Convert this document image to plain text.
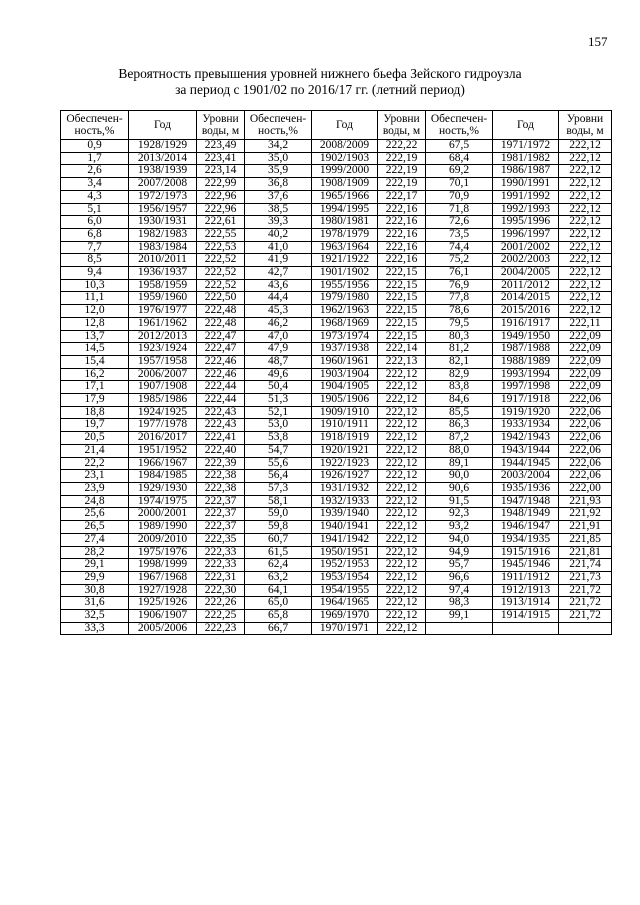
157
Вероятность превышения уровней нижнего бьефа Зейского гидроузла
за период с 1901/02 по 2016/17 гг. (летний период)
Обеспечен-ность,%	Год	Уровни воды, м	Обеспечен-ность,%	Год	Уровни воды, м	Обеспечен-ность,%	Год	Уровни воды, м
0,9	1928/1929	223,49	34,2	2008/2009	222,22	67,5	1971/1972	222,12
1,7	2013/2014	223,41	35,0	1902/1903	222,19	68,4	1981/1982	222,12
2,6	1938/1939	223,14	35,9	1999/2000	222,19	69,2	1986/1987	222,12
3,4	2007/2008	222,99	36,8	1908/1909	222,19	70,1	1990/1991	222,12
4,3	1972/1973	222,96	37,6	1965/1966	222,17	70,9	1991/1992	222,12
5,1	1956/1957	222,96	38,5	1994/1995	222,16	71,8	1992/1993	222,12
6,0	1930/1931	222,61	39,3	1980/1981	222,16	72,6	1995/1996	222,12
6,8	1982/1983	222,55	40,2	1978/1979	222,16	73,5	1996/1997	222,12
7,7	1983/1984	222,53	41,0	1963/1964	222,16	74,4	2001/2002	222,12
8,5	2010/2011	222,52	41,9	1921/1922	222,16	75,2	2002/2003	222,12
9,4	1936/1937	222,52	42,7	1901/1902	222,15	76,1	2004/2005	222,12
10,3	1958/1959	222,52	43,6	1955/1956	222,15	76,9	2011/2012	222,12
11,1	1959/1960	222,50	44,4	1979/1980	222,15	77,8	2014/2015	222,12
12,0	1976/1977	222,48	45,3	1962/1963	222,15	78,6	2015/2016	222,12
12,8	1961/1962	222,48	46,2	1968/1969	222,15	79,5	1916/1917	222,11
13,7	2012/2013	222,47	47,0	1973/1974	222,15	80,3	1949/1950	222,09
14,5	1923/1924	222,47	47,9	1937/1938	222,14	81,2	1987/1988	222,09
15,4	1957/1958	222,46	48,7	1960/1961	222,13	82,1	1988/1989	222,09
16,2	2006/2007	222,46	49,6	1903/1904	222,12	82,9	1993/1994	222,09
17,1	1907/1908	222,44	50,4	1904/1905	222,12	83,8	1997/1998	222,09
17,9	1985/1986	222,44	51,3	1905/1906	222,12	84,6	1917/1918	222,06
18,8	1924/1925	222,43	52,1	1909/1910	222,12	85,5	1919/1920	222,06
19,7	1977/1978	222,43	53,0	1910/1911	222,12	86,3	1933/1934	222,06
20,5	2016/2017	222,41	53,8	1918/1919	222,12	87,2	1942/1943	222,06
21,4	1951/1952	222,40	54,7	1920/1921	222,12	88,0	1943/1944	222,06
22,2	1966/1967	222,39	55,6	1922/1923	222,12	89,1	1944/1945	222,06
23,1	1984/1985	222,38	56,4	1926/1927	222,12	90,0	2003/2004	222,06
23,9	1929/1930	222,38	57,3	1931/1932	222,12	90,6	1935/1936	222,00
24,8	1974/1975	222,37	58,1	1932/1933	222,12	91,5	1947/1948	221,93
25,6	2000/2001	222,37	59,0	1939/1940	222,12	92,3	1948/1949	221,92
26,5	1989/1990	222,37	59,8	1940/1941	222,12	93,2	1946/1947	221,91
27,4	2009/2010	222,35	60,7	1941/1942	222,12	94,0	1934/1935	221,85
28,2	1975/1976	222,33	61,5	1950/1951	222,12	94,9	1915/1916	221,81
29,1	1998/1999	222,33	62,4	1952/1953	222,12	95,7	1945/1946	221,74
29,9	1967/1968	222,31	63,2	1953/1954	222,12	96,6	1911/1912	221,73
30,8	1927/1928	222,30	64,1	1954/1955	222,12	97,4	1912/1913	221,72
31,6	1925/1926	222,26	65,0	1964/1965	222,12	98,3	1913/1914	221,72
32,5	1906/1907	222,25	65,8	1969/1970	222,12	99,1	1914/1915	221,72
33,3	2005/2006	222,23	66,7	1970/1971	222,12			
